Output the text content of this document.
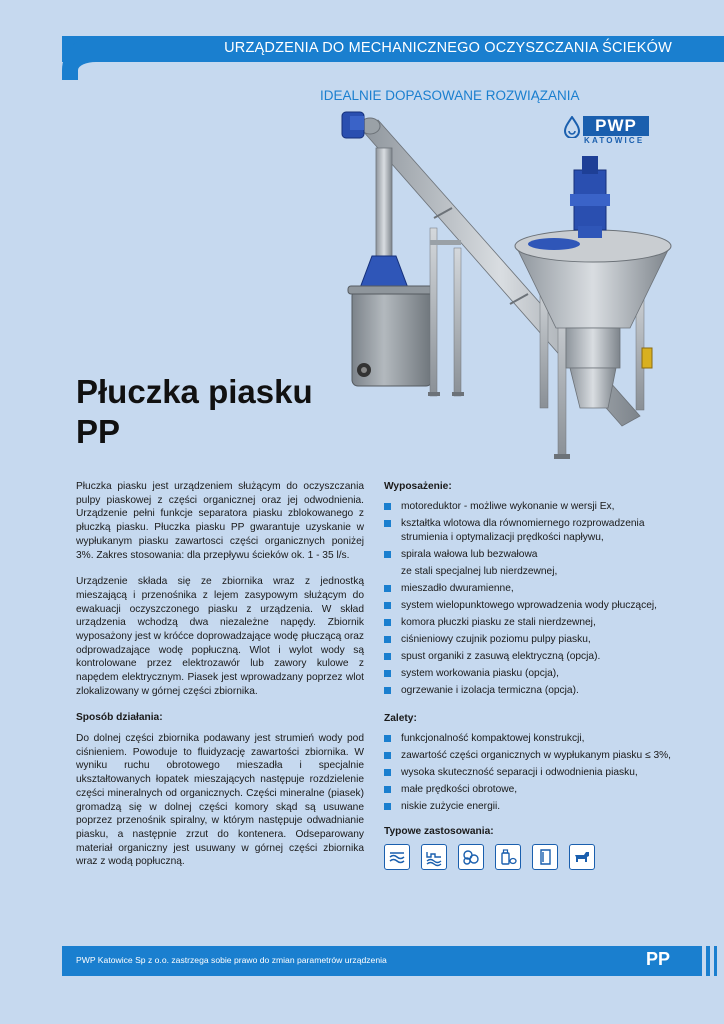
URZĄDZENIA DO MECHANICZNEGO OCZYSZCZANIA ŚCIEKÓW
IDEALNIE DOPASOWANE ROZWIĄZANIA
PWP
KATOWICE
Płuczka piasku
PP

Płuczka piasku jest urządzeniem służącym do oczyszczania pulpy piaskowej z części organicznej oraz jej odwodnienia. Urządzenie pełni funkcje separatora piasku zblokowanego z płuczką piasku. Płuczka piasku PP gwarantuje uzyskanie w wypłukanym piasku zawartosci części organicznych poniżej 3%. Zakres stosowania: dla przepływu ścieków ok. 1 - 35 l/s.

Urządzenie składa się ze zbiornika wraz z jednostką mieszającą i przenośnika z lejem zasypowym służącym do ewakuacji oczyszczonego piasku z urządzenia. W skład urządzenia wchodzą dwa niezależne napędy. Zbiornik wyposażony jest w króćce doprowadzające wodę płuczącą oraz odprowadzające wodę popłuczną. Wlot i wylot wody są kontrolowane przez elektrozawór lub zawory kulowe z napędem elektrycznym. Piasek jest wprowadzany poprzez wlot zlokalizowany w górnej części zbiornika.

Sposób działania:
Do dolnej części zbiornika podawany jest strumień wody pod ciśnieniem. Powoduje to fluidyzację zawartości zbiornika. W wyniku ruchu obrotowego mieszadła i specjalnie ukształtowanych łopatek mieszających następuje rozdzielenie części mineralnych od organicznych. Części mineralne (piasek) gromadzą się w dolnej części komory skąd są usuwane poprzez przenośnik spiralny, w którym następuje odwadnianie piasku, a następnie zrzut do kontenera. Odseparowany materiał organiczny jest usuwany w górnej części zbiornika wraz z wodą popłuczną.
Wyposażenie:
motoreduktor - możliwe wykonanie w wersji Ex,
kształtka wlotowa dla równomiernego rozprowadzenia strumienia i optymalizacji prędkości napływu,
spirala wałowa lub bezwałowa
ze stali specjalnej lub nierdzewnej,
mieszadło dwuramienne,
system wielopunktowego wprowadzenia wody płuczącej,
komora płuczki piasku ze stali nierdzewnej,
ciśnieniowy czujnik poziomu pulpy piasku,
spust organiki z zasuwą elektryczną (opcja).
system workowania piasku (opcja),
ogrzewanie i izolacja termiczna (opcja).
Zalety:
funkcjonalność kompaktowej konstrukcji,
zawartość części organicznych w wypłukanym piasku ≤ 3%,
wysoka skuteczność separacji i odwodnienia piasku,
małe prędkości obrotowe,
niskie zużycie energii.
Typowe zastosowania:
PWP Katowice Sp z o.o. zastrzega sobie prawo do zmian parametrów urządzenia	PP
